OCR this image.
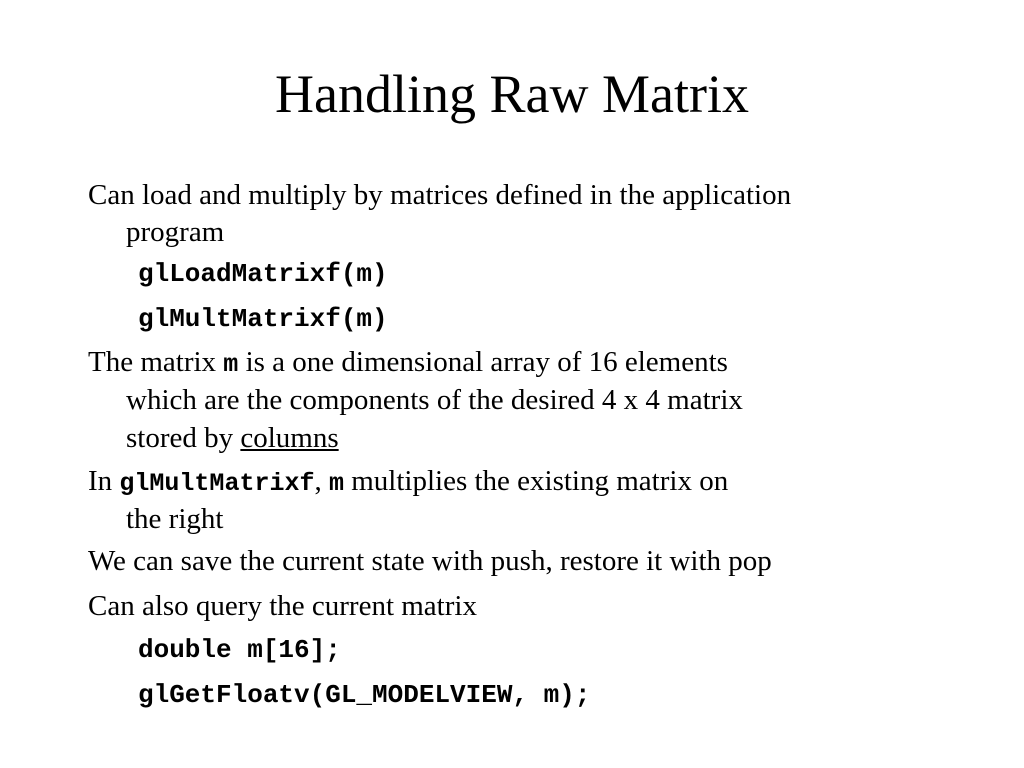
Handling Raw Matrix
Can load and multiply by matrices defined in the application
program
glLoadMatrixf(m)
glMultMatrixf(m)
The matrix m is a one dimensional array of 16 elements
which are the components of the desired 4 x 4 matrix
stored by columns
In glMultMatrixf, m multiplies the existing matrix on
the right
We can save the current state with push, restore it with pop
Can also query the current matrix
double m[16];
glGetFloatv(GL_MODELVIEW, m);
